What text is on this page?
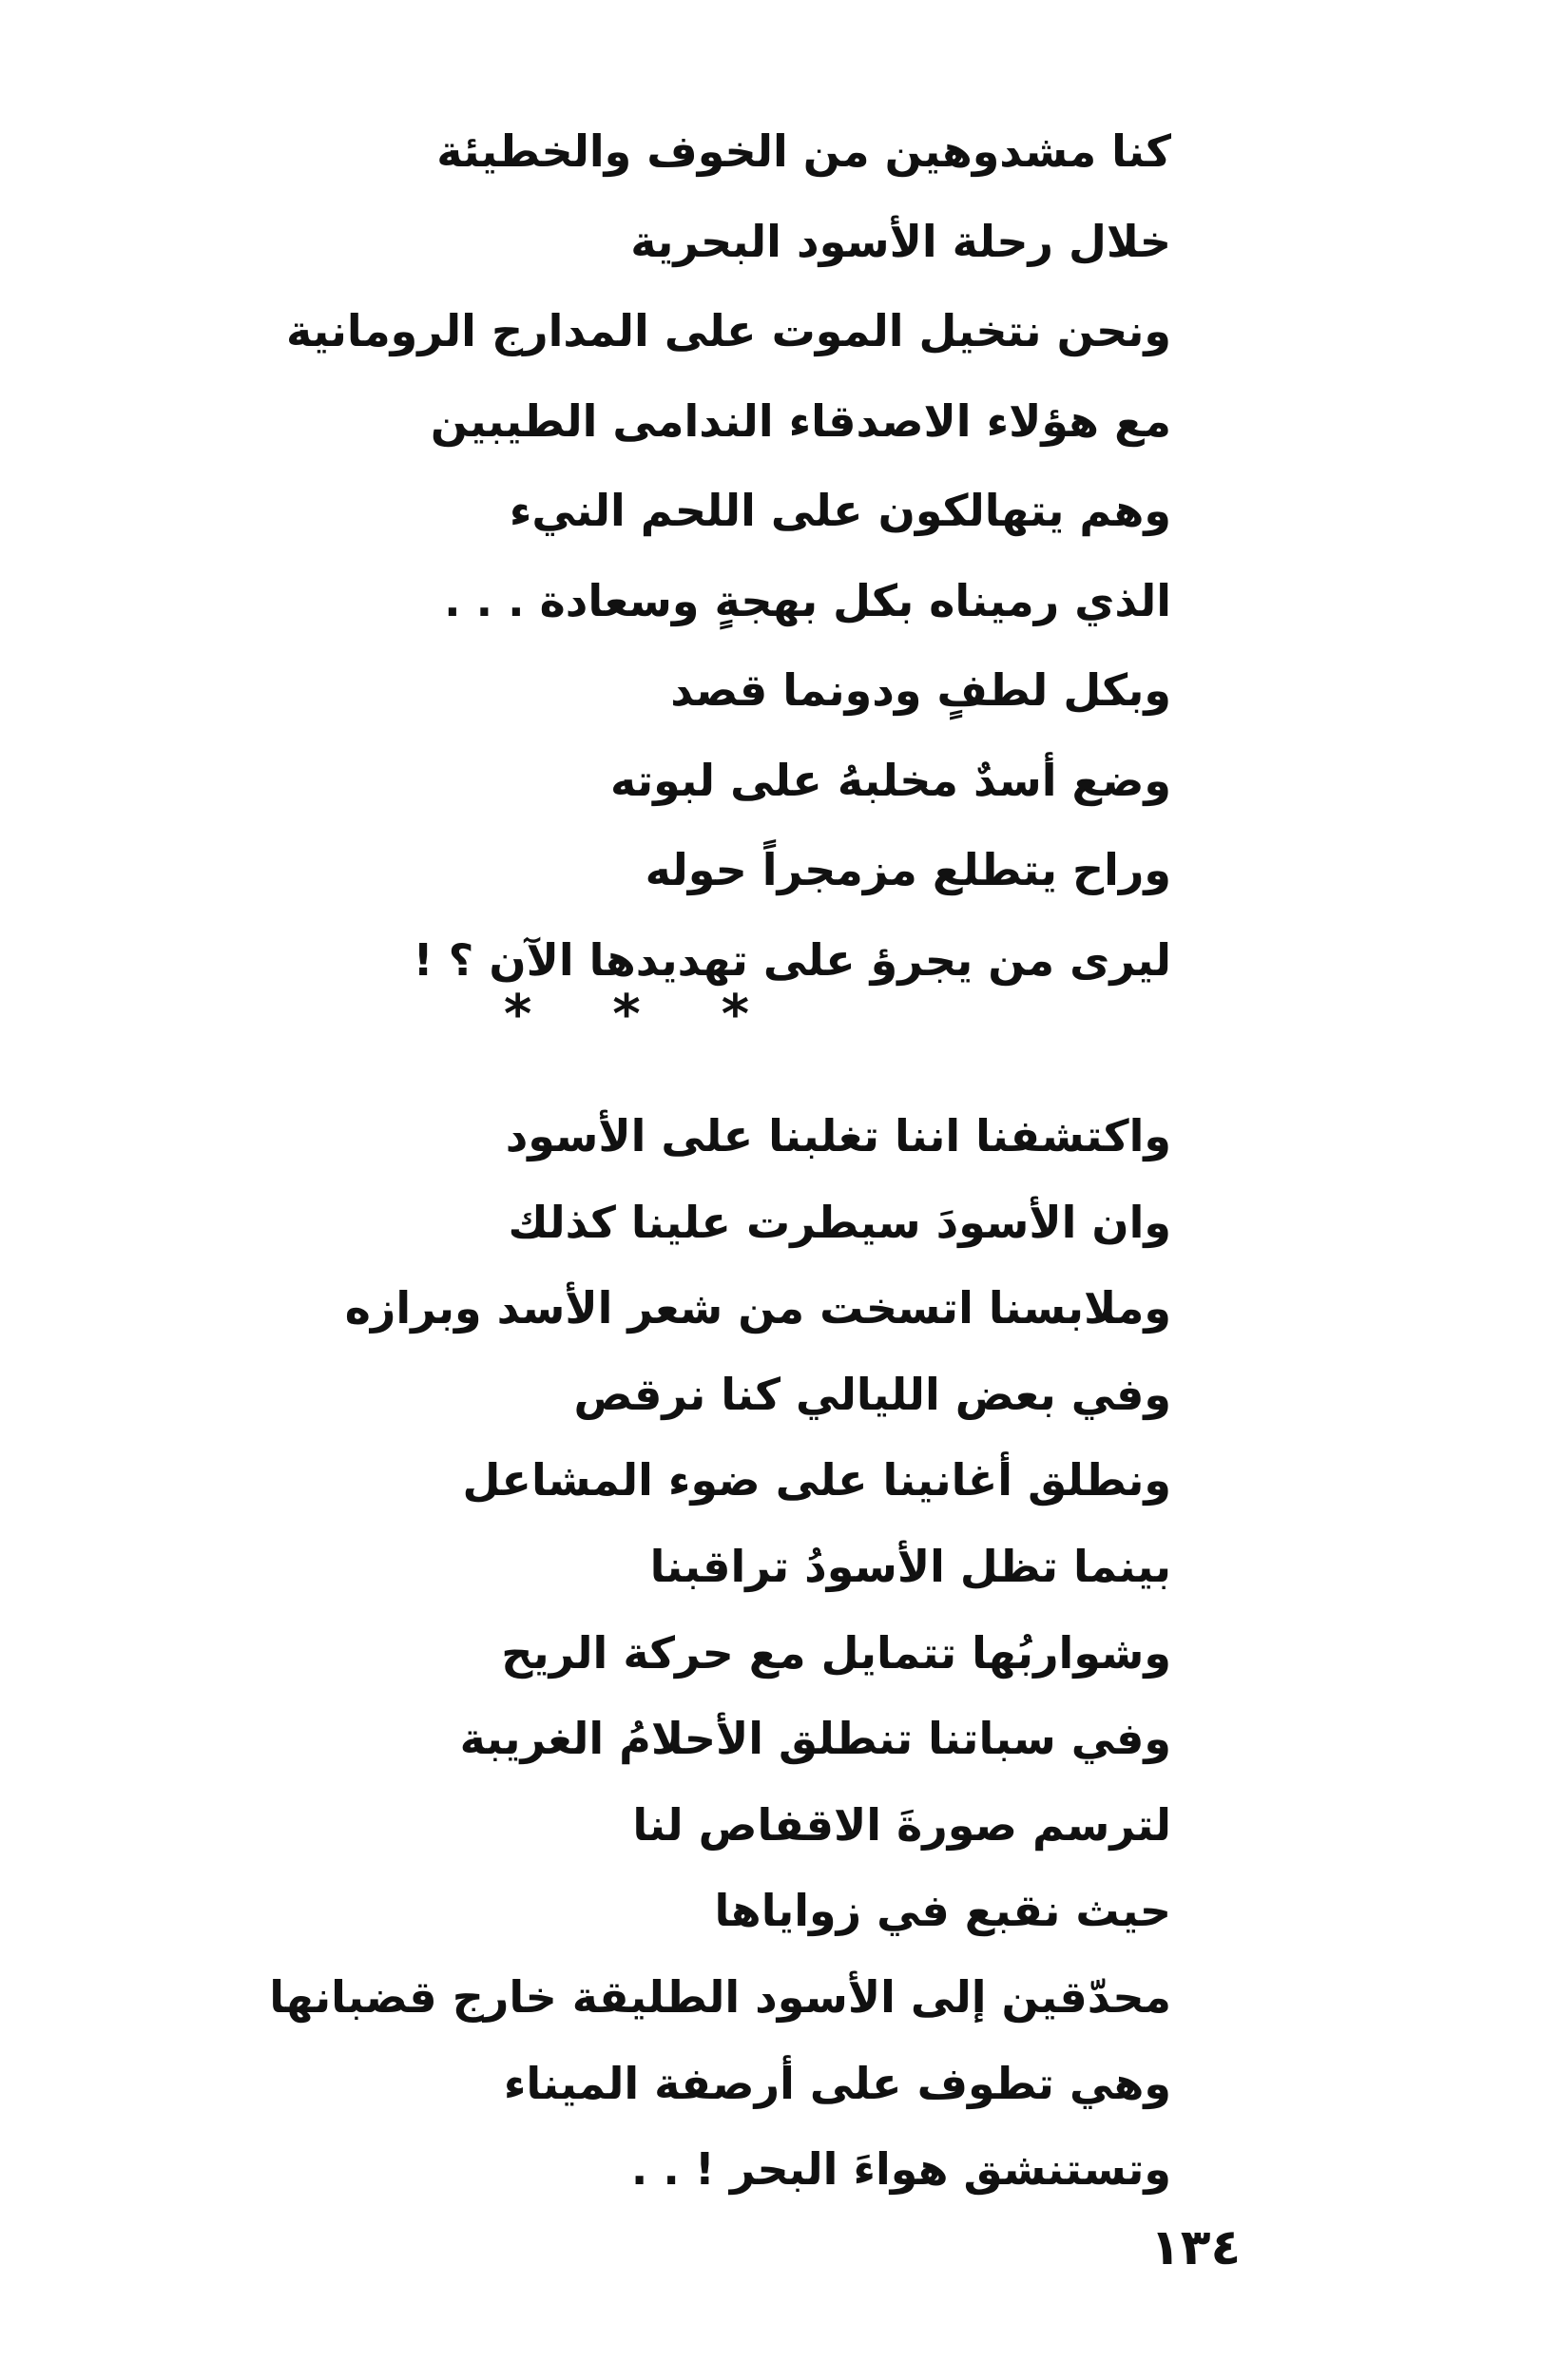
كنا مشدوهين من الخوف والخطيئة
خلال رحلة الأسود البحرية
ونحن نتخيل الموت على المدارج الرومانية
مع هؤلاء الاصدقاء الندامى الطيبين
وهم يتهالكون على اللحم النيء
الذي رميناه بكل بهجةٍ وسعادة . . .
وبكل لطفٍ ودونما قصد
وضع أسدٌ مخلبهُ على لبوته
وراح يتطلع مزمجراً حوله
ليرى من يجرؤ على تهديدها الآن ؟ !
* * *
واكتشفنا اننا تغلبنا على الأسود
وان الأسودَ سيطرت علينا كذلك
وملابسنا اتسخت من شعر الأسد وبرازه
وفي بعض الليالي كنا نرقص
ونطلق أغانينا على ضوء المشاعل
بينما تظل الأسودُ تراقبنا
وشواربُها تتمايل مع حركة الريح
وفي سباتنا تنطلق الأحلامُ الغريبة
لترسم صورةَ الاقفاص لنا
حيث نقبع في زواياها
محدّقين إلى الأسود الطليقة خارج قضبانها
وهي تطوف على أرصفة الميناء
وتستنشق هواءَ البحر ! . .
١٣٤
